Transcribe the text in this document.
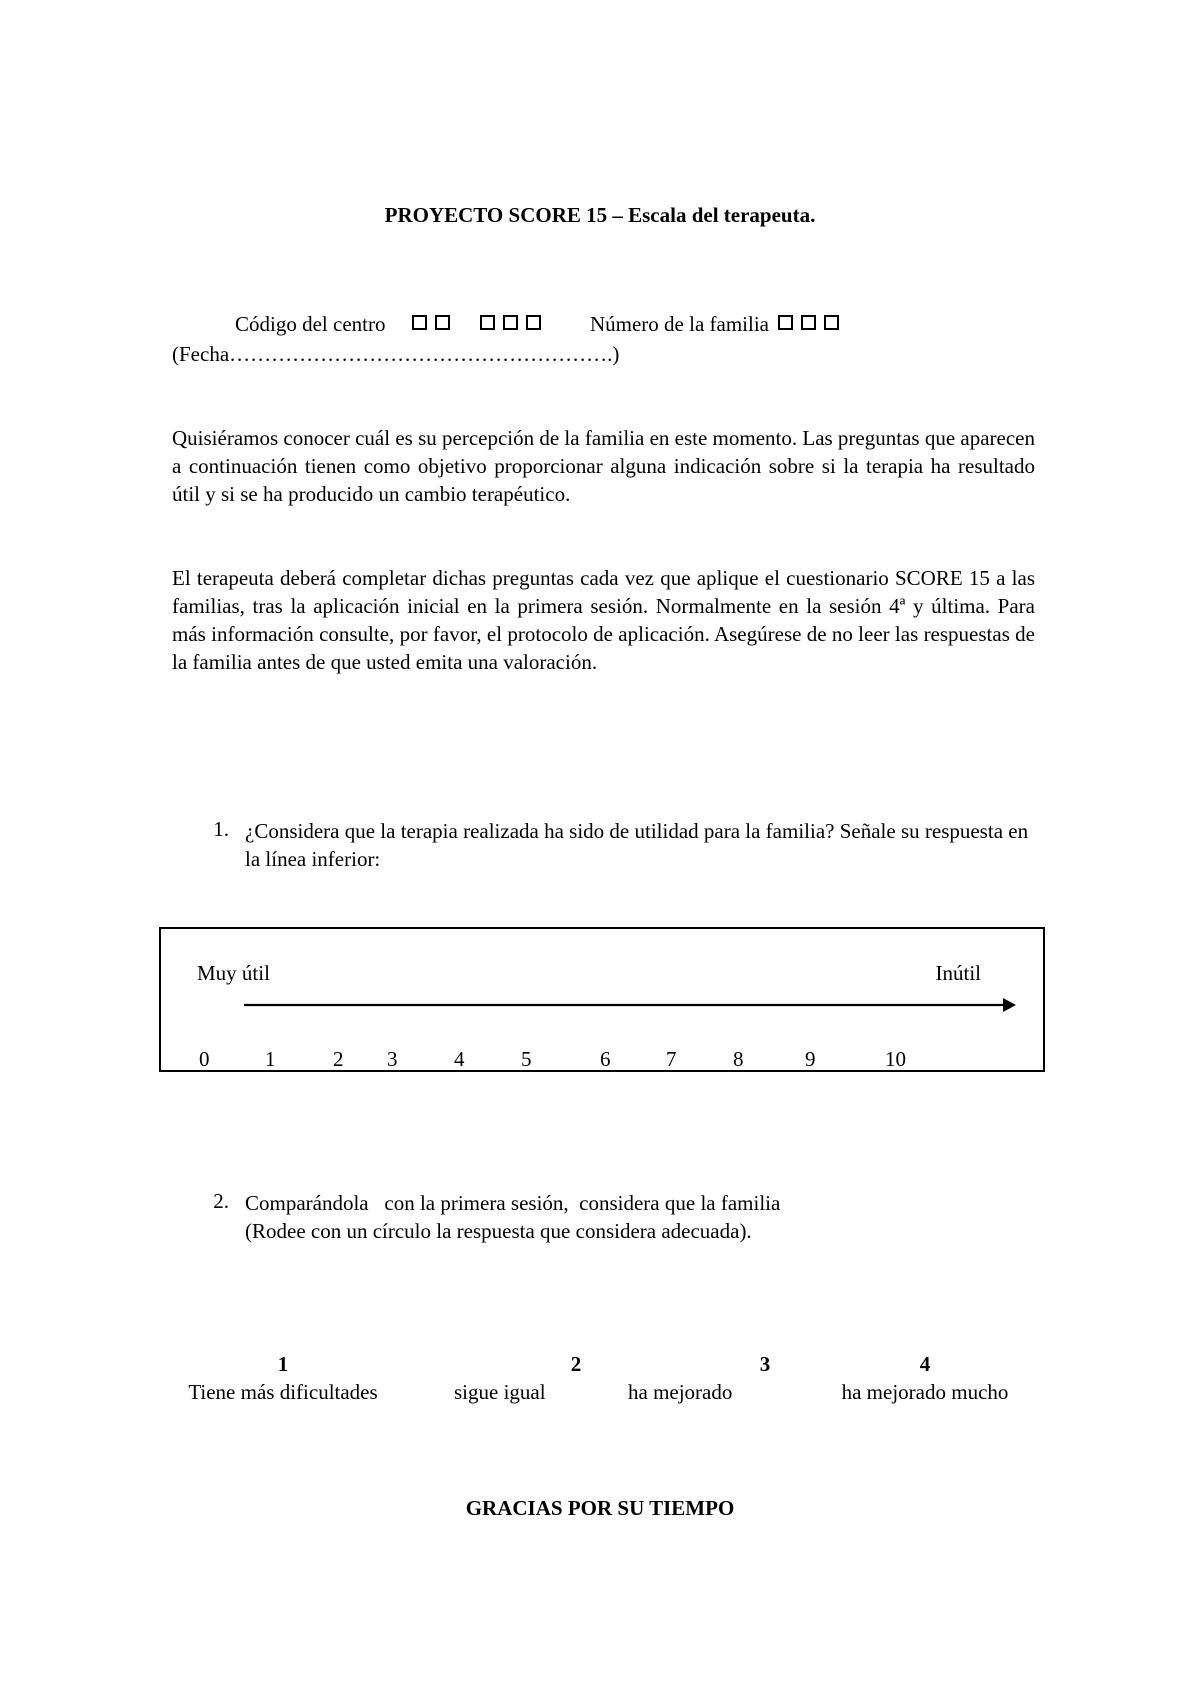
PROYECTO SCORE 15 – Escala del terapeuta.
Código del centro	Número de la familia
(Fecha……………………………………………….)

Quisiéramos conocer cuál es su percepción de la familia en este momento. Las preguntas que aparecen a continuación tienen como objetivo proporcionar alguna indicación sobre si la terapia ha resultado útil y si se ha producido un cambio terapéutico.

El terapeuta deberá completar dichas preguntas cada vez que aplique el cuestionario SCORE 15 a las familias, tras la aplicación inicial en la primera sesión. Normalmente en la sesión 4ª y última. Para más información consulte, por favor, el protocolo de aplicación. Asegúrese de no leer las respuestas de la familia antes de que usted emita una valoración.

1. ¿Considera que la terapia realizada ha sido de utilidad para la familia? Señale su respuesta en la línea inferior:

Muy útil	Inútil
0	1	2 3	4	5	6	7	8	9	10
2. Comparándola   con la primera sesión,  considera que la familia
(Rodee con un círculo la respuesta que considera adecuada).
1
Tiene más dificultades
2
sigue igual
3
ha mejorado
4
ha mejorado mucho
GRACIAS POR SU TIEMPO
